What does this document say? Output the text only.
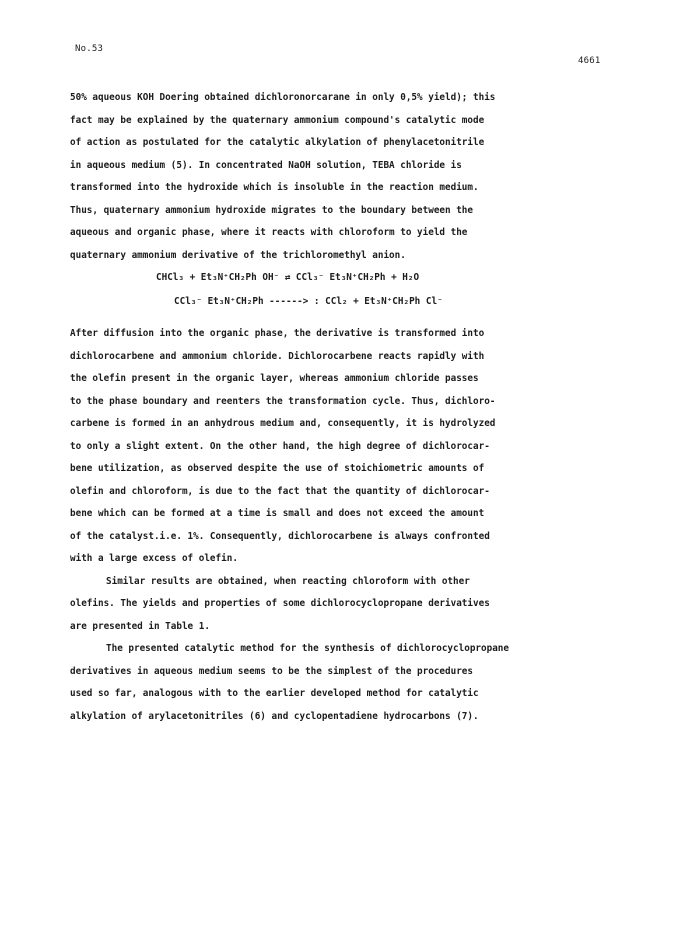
No.53
4661
50% aqueous KOH Doering obtained dichloronorcarane in only 0,5% yield); this
fact may be explained by the quaternary ammonium compound's catalytic mode
of action as postulated for the catalytic alkylation of phenylacetonitrile
in aqueous medium (5). In concentrated NaOH solution, TEBA chloride is
transformed into the hydroxide which is insoluble in the reaction medium.
Thus, quaternary ammonium hydroxide migrates to the boundary between the
aqueous and organic phase, where it reacts with chloroform to yield the
quaternary ammonium derivative of the trichloromethyl anion.
CHCl₃ + Et₃N⁺CH₂Ph OH⁻ ⇄ CCl₃⁻ Et₃N⁺CH₂Ph + H₂O
CCl₃⁻ Et₃N⁺CH₂Ph ------> : CCl₂ + Et₃N⁺CH₂Ph Cl⁻
After diffusion into the organic phase, the derivative is transformed into
dichlorocarbene and ammonium chloride. Dichlorocarbene reacts rapidly with
the olefin present in the organic layer, whereas ammonium chloride passes
to the phase boundary and reenters the transformation cycle. Thus, dichloro-
carbene is formed in an anhydrous medium and, consequently, it is hydrolyzed
to only a slight extent. On the other hand, the high degree of dichlorocar-
bene utilization, as observed despite the use of stoichiometric amounts of
olefin and chloroform, is due to the fact that the quantity of dichlorocar-
bene which can be formed at a time is small and does not exceed the amount
of the catalyst.i.e. 1%. Consequently, dichlorocarbene is always confronted
with a large excess of olefin.
Similar results are obtained, when reacting chloroform with other
olefins. The yields and properties of some dichlorocyclopropane derivatives
are presented in Table 1.
The presented catalytic method for the synthesis of dichlorocyclopropane
derivatives in aqueous medium seems to be the simplest of the procedures
used so far, analogous with to the earlier developed method for catalytic
alkylation of arylacetonitriles (6) and cyclopentadiene hydrocarbons (7).
